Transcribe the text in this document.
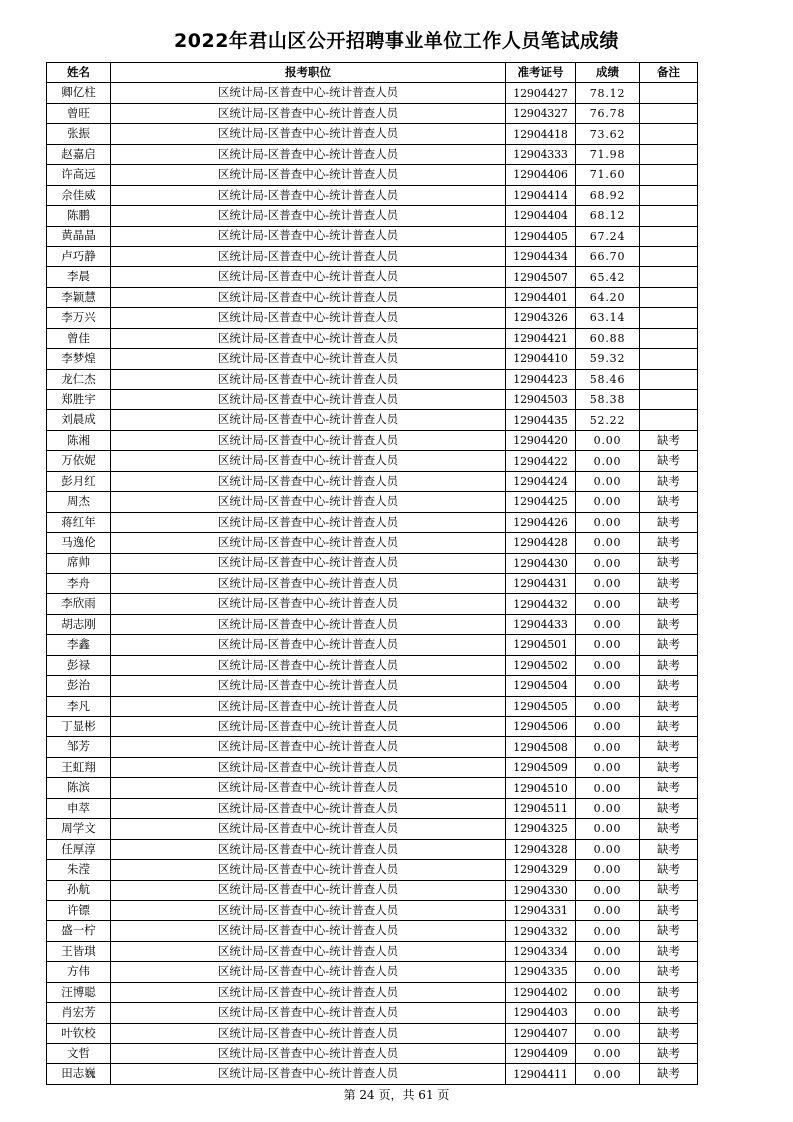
2022年君山区公开招聘事业单位工作人员笔试成绩
姓名	报考职位	准考证号	成绩	备注
卿亿柱	区统计局-区普查中心-统计普查人员	12904427	78.12	
曾旺	区统计局-区普查中心-统计普查人员	12904327	76.78	
张振	区统计局-区普查中心-统计普查人员	12904418	73.62	
赵嘉启	区统计局-区普查中心-统计普查人员	12904333	71.98	
许高远	区统计局-区普查中心-统计普查人员	12904406	71.60	
佘佳威	区统计局-区普查中心-统计普查人员	12904414	68.92	
陈鹏	区统计局-区普查中心-统计普查人员	12904404	68.12	
黄晶晶	区统计局-区普查中心-统计普查人员	12904405	67.24	
卢巧静	区统计局-区普查中心-统计普查人员	12904434	66.70	
李晨	区统计局-区普查中心-统计普查人员	12904507	65.42	
李颖慧	区统计局-区普查中心-统计普查人员	12904401	64.20	
李万兴	区统计局-区普查中心-统计普查人员	12904326	63.14	
曾佳	区统计局-区普查中心-统计普查人员	12904421	60.88	
李梦煌	区统计局-区普查中心-统计普查人员	12904410	59.32	
龙仁杰	区统计局-区普查中心-统计普查人员	12904423	58.46	
郑胜宇	区统计局-区普查中心-统计普查人员	12904503	58.38	
刘晨成	区统计局-区普查中心-统计普查人员	12904435	52.22	
陈湘	区统计局-区普查中心-统计普查人员	12904420	0.00	缺考
万依妮	区统计局-区普查中心-统计普查人员	12904422	0.00	缺考
彭月红	区统计局-区普查中心-统计普查人员	12904424	0.00	缺考
周杰	区统计局-区普查中心-统计普查人员	12904425	0.00	缺考
蒋红年	区统计局-区普查中心-统计普查人员	12904426	0.00	缺考
马逸伦	区统计局-区普查中心-统计普查人员	12904428	0.00	缺考
席帅	区统计局-区普查中心-统计普查人员	12904430	0.00	缺考
李舟	区统计局-区普查中心-统计普查人员	12904431	0.00	缺考
李欣雨	区统计局-区普查中心-统计普查人员	12904432	0.00	缺考
胡志刚	区统计局-区普查中心-统计普查人员	12904433	0.00	缺考
李鑫	区统计局-区普查中心-统计普查人员	12904501	0.00	缺考
彭禄	区统计局-区普查中心-统计普查人员	12904502	0.00	缺考
彭治	区统计局-区普查中心-统计普查人员	12904504	0.00	缺考
李凡	区统计局-区普查中心-统计普查人员	12904505	0.00	缺考
丁显彬	区统计局-区普查中心-统计普查人员	12904506	0.00	缺考
邹芳	区统计局-区普查中心-统计普查人员	12904508	0.00	缺考
王虹翔	区统计局-区普查中心-统计普查人员	12904509	0.00	缺考
陈滨	区统计局-区普查中心-统计普查人员	12904510	0.00	缺考
申萃	区统计局-区普查中心-统计普查人员	12904511	0.00	缺考
周学文	区统计局-区普查中心-统计普查人员	12904325	0.00	缺考
任厚淳	区统计局-区普查中心-统计普查人员	12904328	0.00	缺考
朱滢	区统计局-区普查中心-统计普查人员	12904329	0.00	缺考
孙航	区统计局-区普查中心-统计普查人员	12904330	0.00	缺考
许镖	区统计局-区普查中心-统计普查人员	12904331	0.00	缺考
盛一柠	区统计局-区普查中心-统计普查人员	12904332	0.00	缺考
王皆琪	区统计局-区普查中心-统计普查人员	12904334	0.00	缺考
方伟	区统计局-区普查中心-统计普查人员	12904335	0.00	缺考
汪博聪	区统计局-区普查中心-统计普查人员	12904402	0.00	缺考
肖宏芳	区统计局-区普查中心-统计普查人员	12904403	0.00	缺考
叶钦校	区统计局-区普查中心-统计普查人员	12904407	0.00	缺考
文哲	区统计局-区普查中心-统计普查人员	12904409	0.00	缺考
田志巍	区统计局-区普查中心-统计普查人员	12904411	0.00	缺考
第 24 页，共 61 页
